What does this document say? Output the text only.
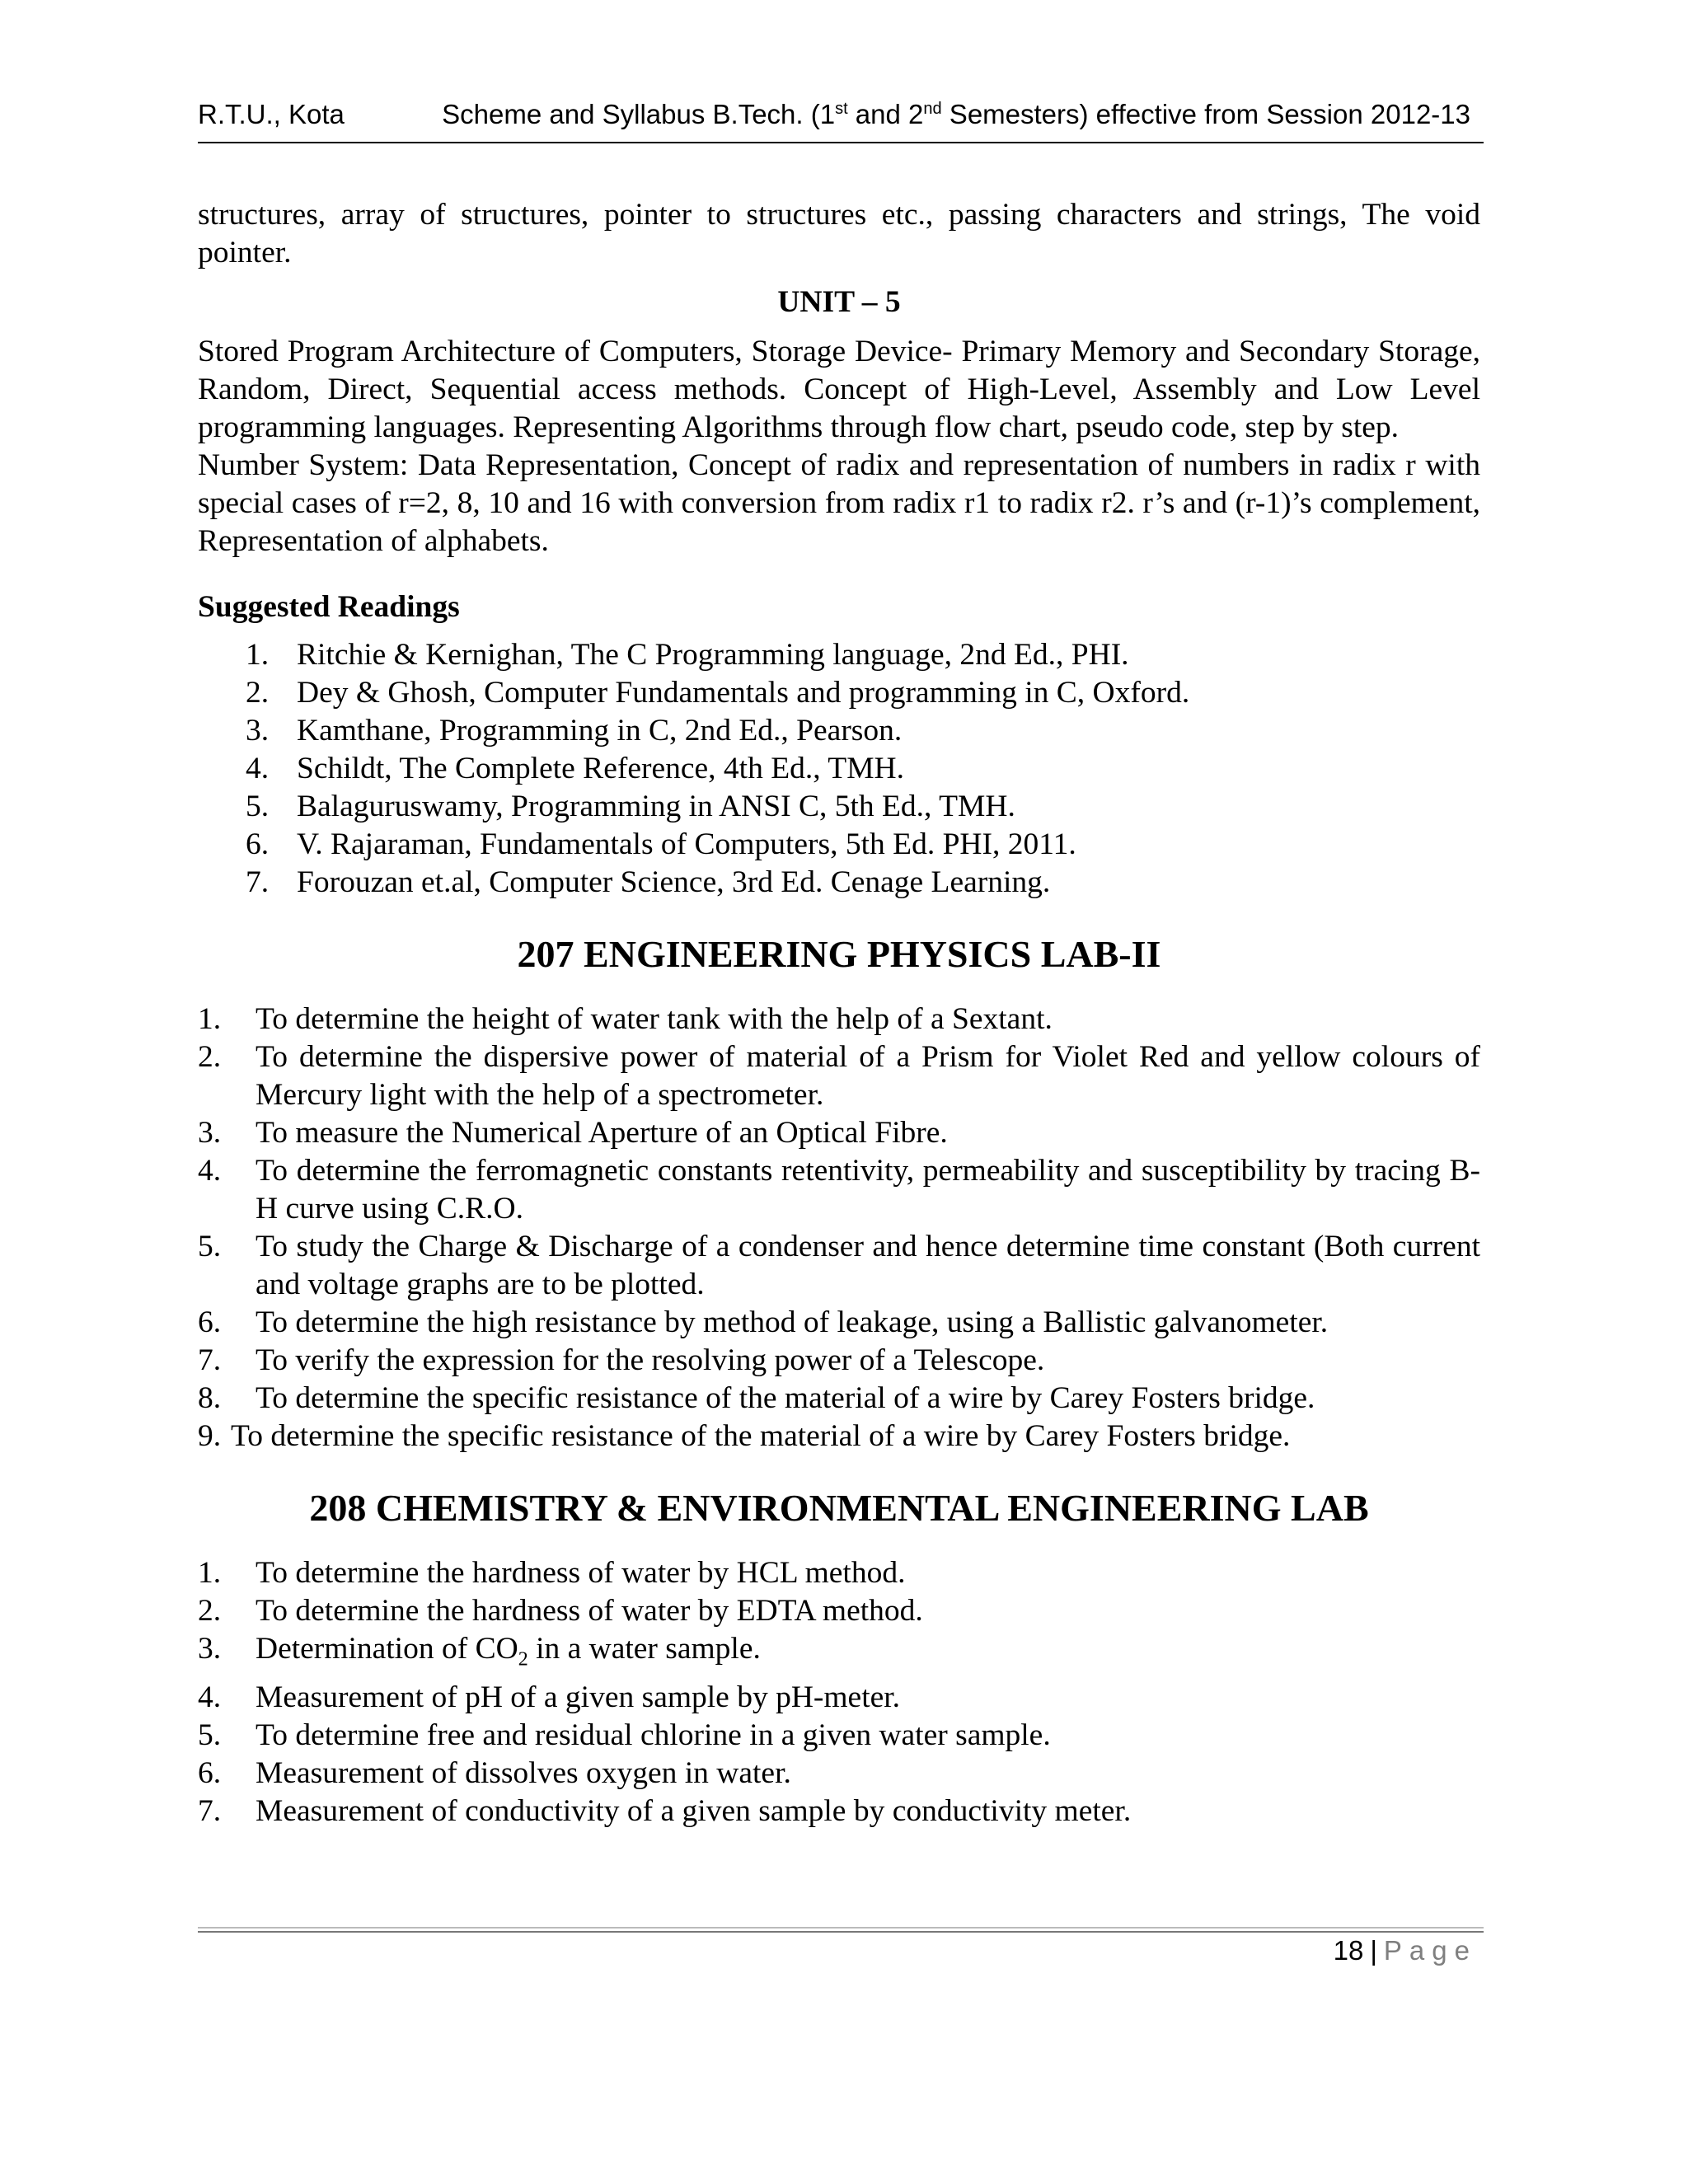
R.T.U., Kota	Scheme and Syllabus B.Tech. (1st and 2nd Semesters) effective from Session 2012-13

structures, array of structures, pointer to structures etc., passing characters and strings, The void pointer.

UNIT – 5

Stored Program Architecture of Computers, Storage Device- Primary Memory and Secondary Storage, Random, Direct, Sequential access methods. Concept of High-Level, Assembly and Low Level programming languages. Representing Algorithms through flow chart, pseudo code, step by step.

Number System: Data Representation, Concept of radix and representation of numbers in radix r with special cases of r=2, 8, 10 and 16 with conversion from radix r1 to radix r2. r’s and (r-1)’s complement, Representation of alphabets.

Suggested Readings
1. Ritchie & Kernighan, The C Programming language, 2nd Ed., PHI.
2. Dey & Ghosh, Computer Fundamentals and programming in C, Oxford.
3. Kamthane, Programming in C, 2nd Ed., Pearson.
4. Schildt, The Complete Reference, 4th Ed., TMH.
5. Balaguruswamy, Programming in ANSI C, 5th Ed., TMH.
6. V. Rajaraman, Fundamentals of Computers, 5th Ed. PHI, 2011.
7. Forouzan et.al, Computer Science, 3rd Ed. Cenage Learning.
207 ENGINEERING PHYSICS LAB-II
1. To determine the height of water tank with the help of a Sextant.
2. To determine the dispersive power of material of a Prism for Violet Red and yellow colours of Mercury light with the help of a spectrometer.
3. To measure the Numerical Aperture of an Optical Fibre.
4. To determine the ferromagnetic constants retentivity, permeability and susceptibility by tracing B-H curve using C.R.O.
5. To study the Charge & Discharge of a condenser and hence determine time constant (Both current and voltage graphs are to be plotted.
6. To determine the high resistance by method of leakage, using a Ballistic galvanometer.
7. To verify the expression for the resolving power of a Telescope.
8. To determine the specific resistance of the material of a wire by Carey Fosters bridge.
9. To determine the specific resistance of the material of a wire by Carey Fosters bridge.
208 CHEMISTRY & ENVIRONMENTAL ENGINEERING LAB
1. To determine the hardness of water by HCL method.
2. To determine the hardness of water by EDTA method.
3. Determination of $CO_2$ in a water sample.
4. Measurement of pH of a given sample by pH-meter.
5. To determine free and residual chlorine in a given water sample.
6. Measurement of dissolves oxygen in water.
7. Measurement of conductivity of a given sample by conductivity meter.
18 | Page
